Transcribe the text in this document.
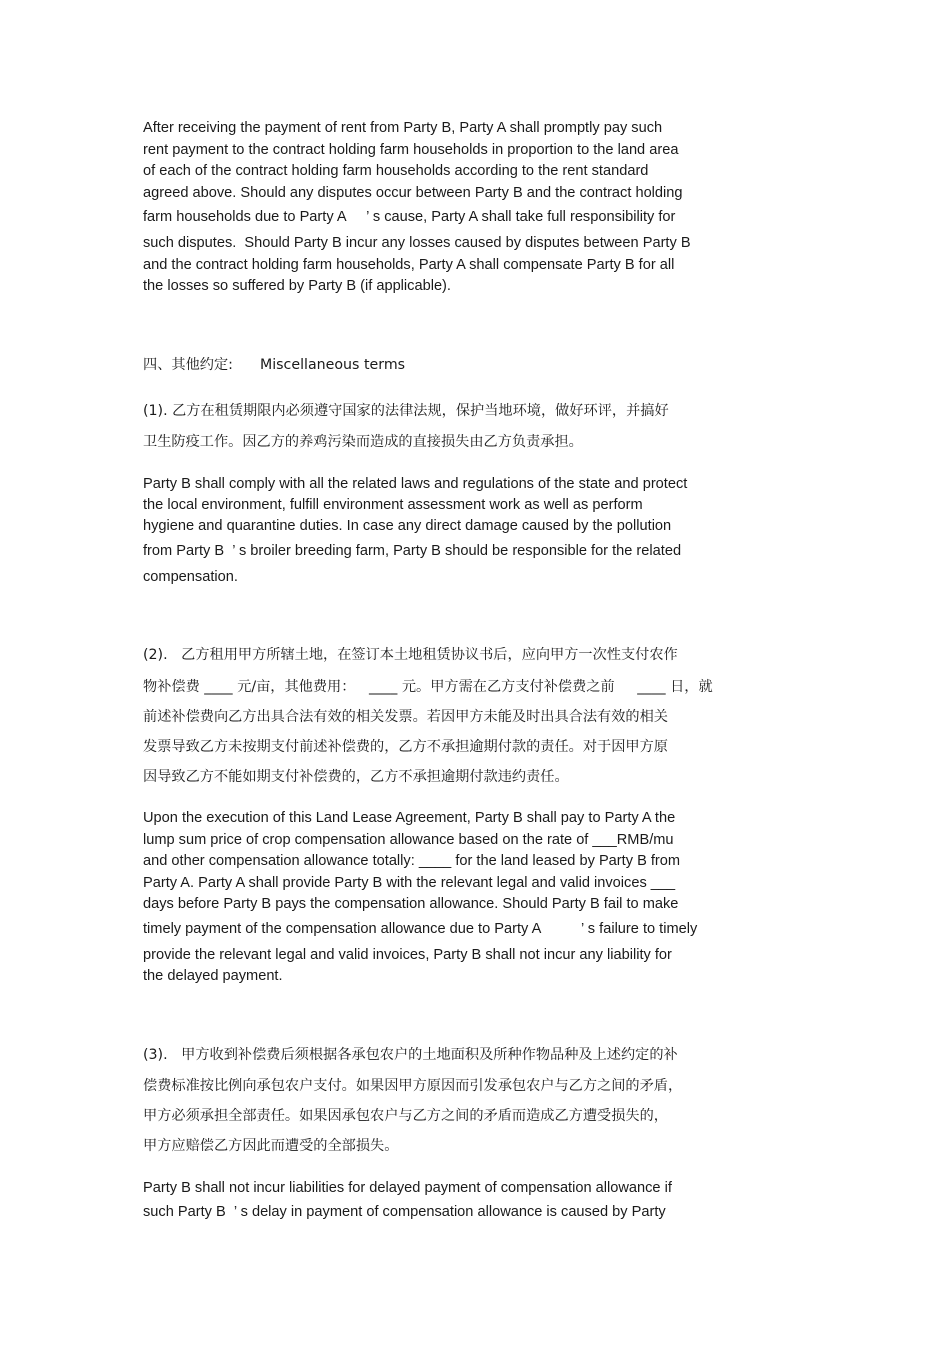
After receiving the payment of rent from Party B, Party A shall promptly pay such
rent payment to the contract holding farm households in proportion to the land area
of each of the contract holding farm households according to the rent standard
agreed above. Should any disputes occur between Party B and the contract holding
farm households due to Party A     ’ s cause, Party A shall take full responsibility for
such disputes.  Should Party B incur any losses caused by disputes between Party B
and the contract holding farm households, Party A shall compensate Party B for all
the losses so suffered by Party B (if applicable).
四、其他约定:      Miscellaneous terms
(1). 乙方在租赁期限内必须遵守国家的法律法规，保护当地环境，做好环评，并搞好
卫生防疫工作。因乙方的养鸡污染而造成的直接损失由乙方负责承担。
Party B shall comply with all the related laws and regulations of the state and protect
the local environment, fulfill environment assessment work as well as perform
hygiene and quarantine duties. In case any direct damage caused by the pollution
from Party B  ’ s broiler breeding farm, Party B should be responsible for the related
compensation.
(2).   乙方租用甲方所辖土地，在签订本土地租赁协议书后，应向甲方一次性支付农作
物补偿费 ____ 元/亩，其他费用：   ____ 元。甲方需在乙方支付补偿费之前     ____ 日，就
前述补偿费向乙方出具合法有效的相关发票。若因甲方未能及时出具合法有效的相关
发票导致乙方未按期支付前述补偿费的，乙方不承担逾期付款的责任。对于因甲方原
因导致乙方不能如期支付补偿费的，乙方不承担逾期付款违约责任。
Upon the execution of this Land Lease Agreement, Party B shall pay to Party A the
lump sum price of crop compensation allowance based on the rate of ___RMB/mu
and other compensation allowance totally: ____ for the land leased by Party B from
Party A. Party A shall provide Party B with the relevant legal and valid invoices ___
days before Party B pays the compensation allowance. Should Party B fail to make
timely payment of the compensation allowance due to Party A          ’ s failure to timely
provide the relevant legal and valid invoices, Party B shall not incur any liability for
the delayed payment.
(3).   甲方收到补偿费后须根据各承包农户的土地面积及所种作物品种及上述约定的补
偿费标准按比例向承包农户支付。如果因甲方原因而引发承包农户与乙方之间的矛盾，
甲方必须承担全部责任。如果因承包农户与乙方之间的矛盾而造成乙方遭受损失的，
甲方应赔偿乙方因此而遭受的全部损失。
Party B shall not incur liabilities for delayed payment of compensation allowance if
such Party B  ’ s delay in payment of compensation allowance is caused by Party
